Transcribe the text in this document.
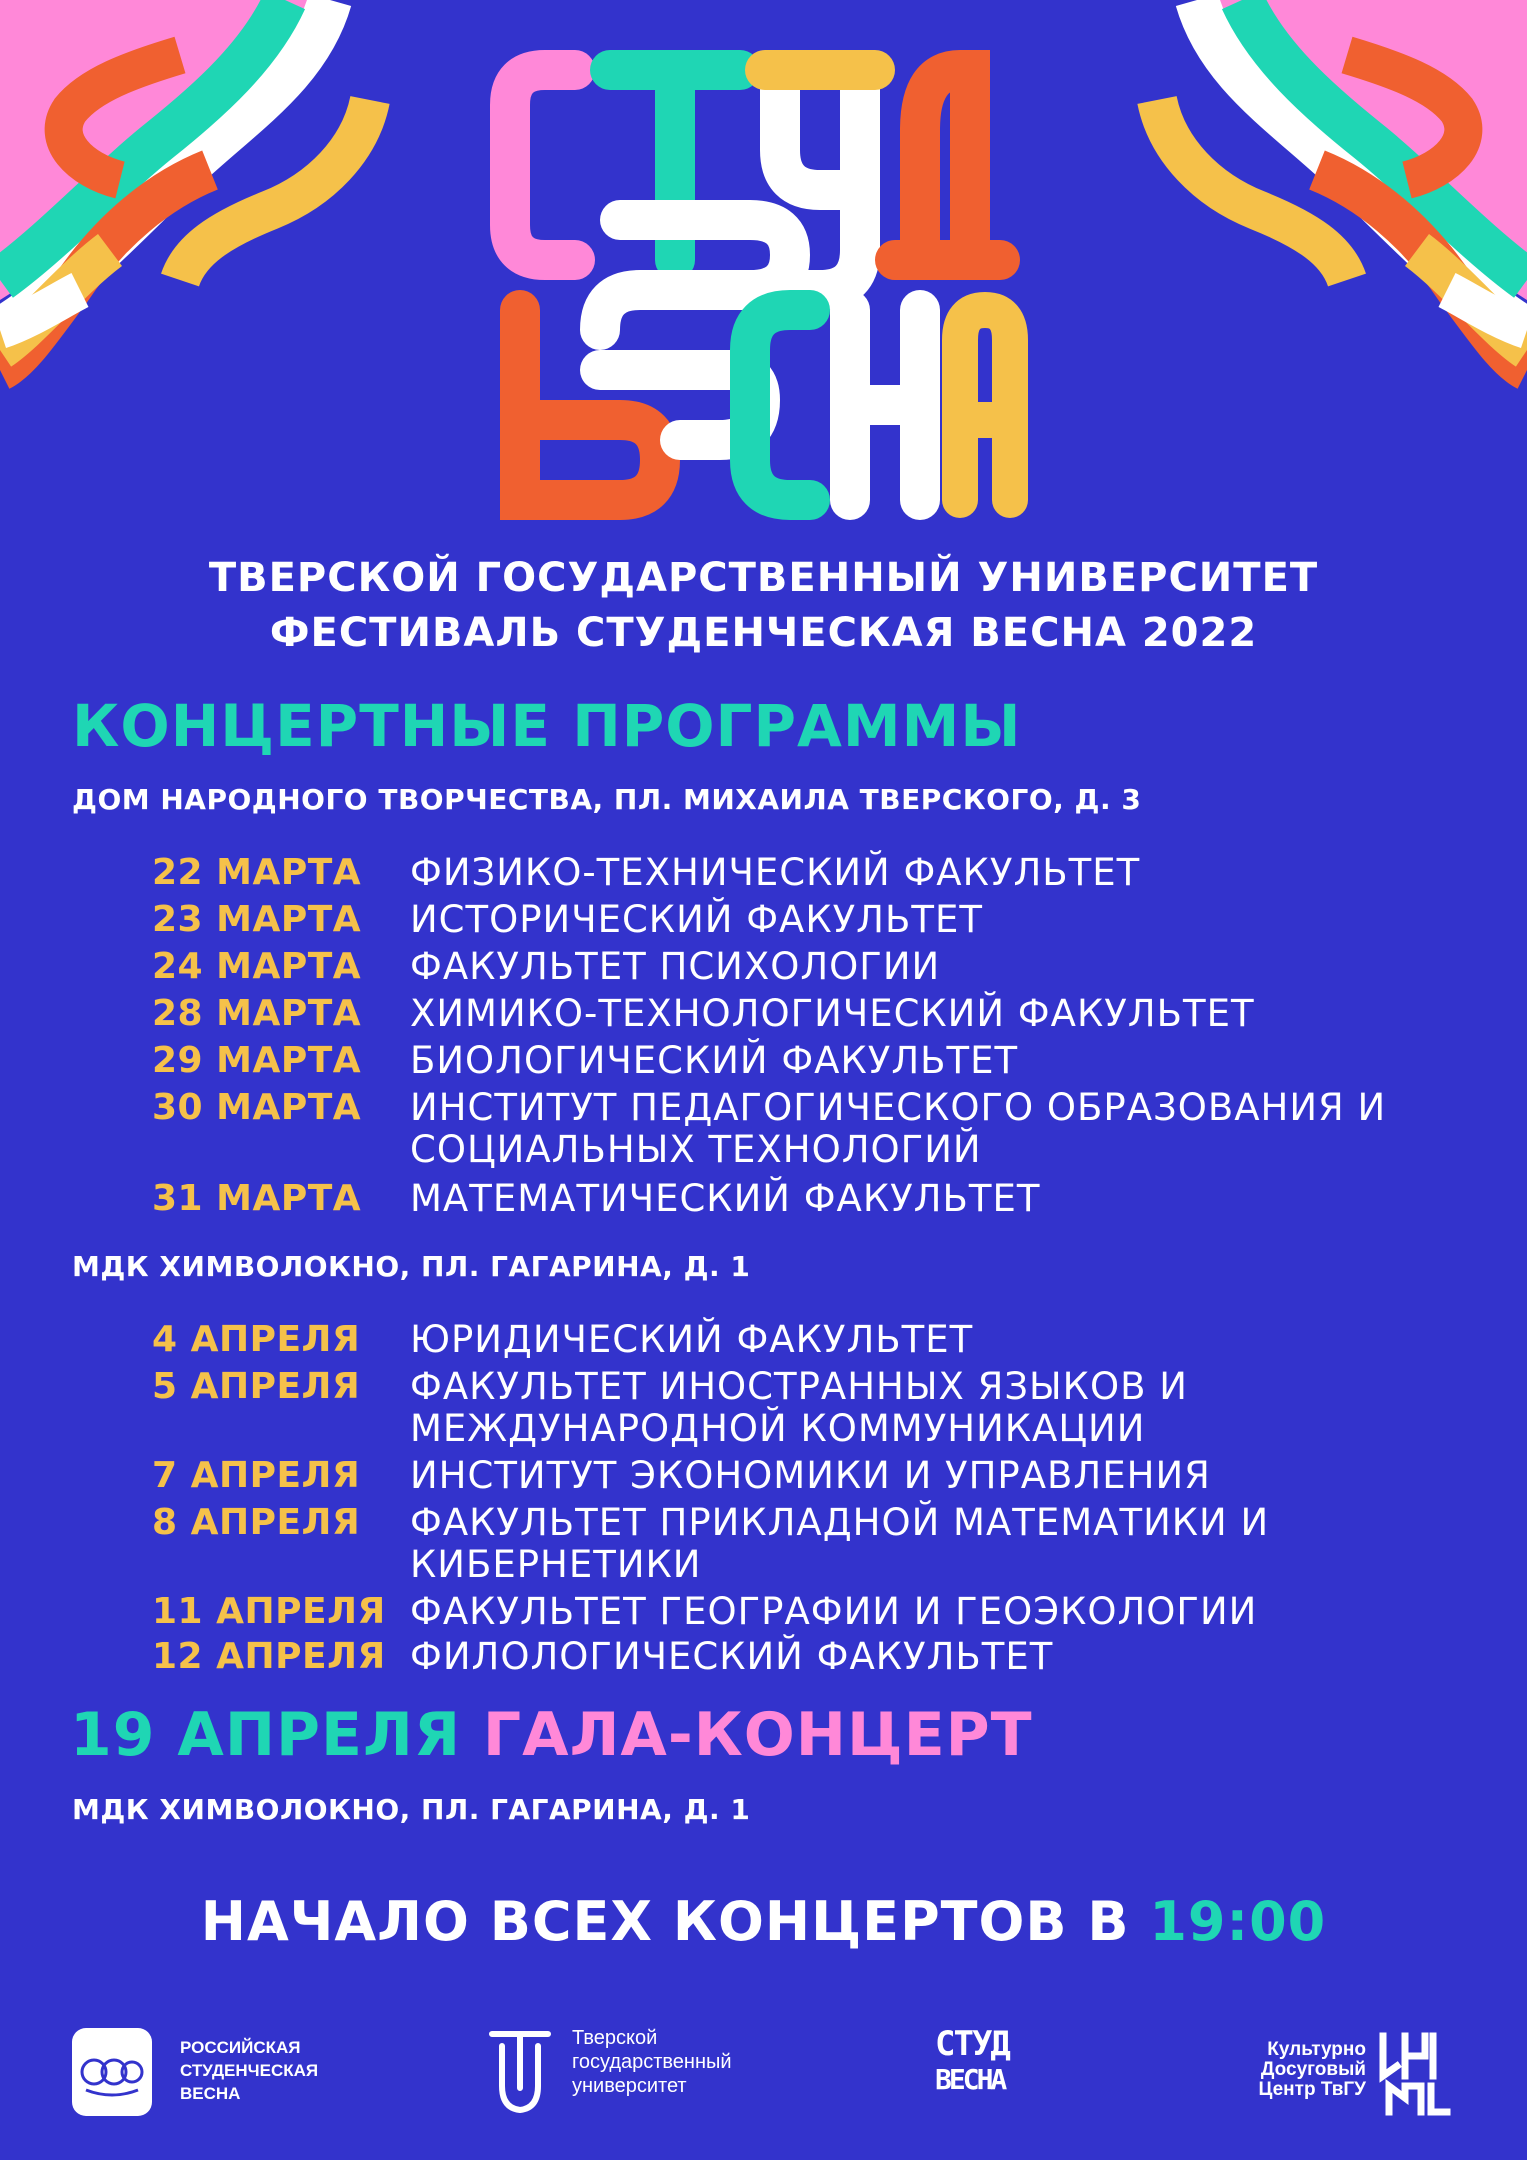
ТВЕРСКОЙ ГОСУДАРСТВЕННЫЙ УНИВЕРСИТЕТ
ФЕСТИВАЛЬ СТУДЕНЧЕСКАЯ ВЕСНА 2022
КОНЦЕРТНЫЕ ПРОГРАММЫ
ДОМ НАРОДНОГО ТВОРЧЕСТВА, ПЛ. МИХАИЛА ТВЕРСКОГО, Д. 3
22 МАРТА ФИЗИКО-ТЕХНИЧЕСКИЙ ФАКУЛЬТЕТ
23 МАРТА ИСТОРИЧЕСКИЙ ФАКУЛЬТЕТ
24 МАРТА ФАКУЛЬТЕТ ПСИХОЛОГИИ
28 МАРТА ХИМИКО-ТЕХНОЛОГИЧЕСКИЙ ФАКУЛЬТЕТ
29 МАРТА БИОЛОГИЧЕСКИЙ ФАКУЛЬТЕТ
30 МАРТА ИНСТИТУТ ПЕДАГОГИЧЕСКОГО ОБРАЗОВАНИЯ И
СОЦИАЛЬНЫХ ТЕХНОЛОГИЙ
31 МАРТА МАТЕМАТИЧЕСКИЙ ФАКУЛЬТЕТ
МДК ХИМВОЛОКНО, ПЛ. ГАГАРИНА, Д. 1
4 АПРЕЛЯ ЮРИДИЧЕСКИЙ ФАКУЛЬТЕТ
5 АПРЕЛЯ ФАКУЛЬТЕТ ИНОСТРАННЫХ ЯЗЫКОВ И
МЕЖДУНАРОДНОЙ КОММУНИКАЦИИ
7 АПРЕЛЯ ИНСТИТУТ ЭКОНОМИКИ И УПРАВЛЕНИЯ
8 АПРЕЛЯ ФАКУЛЬТЕТ ПРИКЛАДНОЙ МАТЕМАТИКИ И
КИБЕРНЕТИКИ
11 АПРЕЛЯ ФАКУЛЬТЕТ ГЕОГРАФИИ И ГЕОЭКОЛОГИИ
12 АПРЕЛЯ ФИЛОЛОГИЧЕСКИЙ ФАКУЛЬТЕТ
19 АПРЕЛЯ ГАЛА-КОНЦЕРТ
МДК ХИМВОЛОКНО, ПЛ. ГАГАРИНА, Д. 1
НАЧАЛО ВСЕХ КОНЦЕРТОВ В 19:00
РОССИЙСКАЯ
СТУДЕНЧЕСКАЯ
ВЕСНА
Тверской
государственный
университет
СТУД
ВЕСНА
Культурно
Досуговый
Центр ТвГУ
